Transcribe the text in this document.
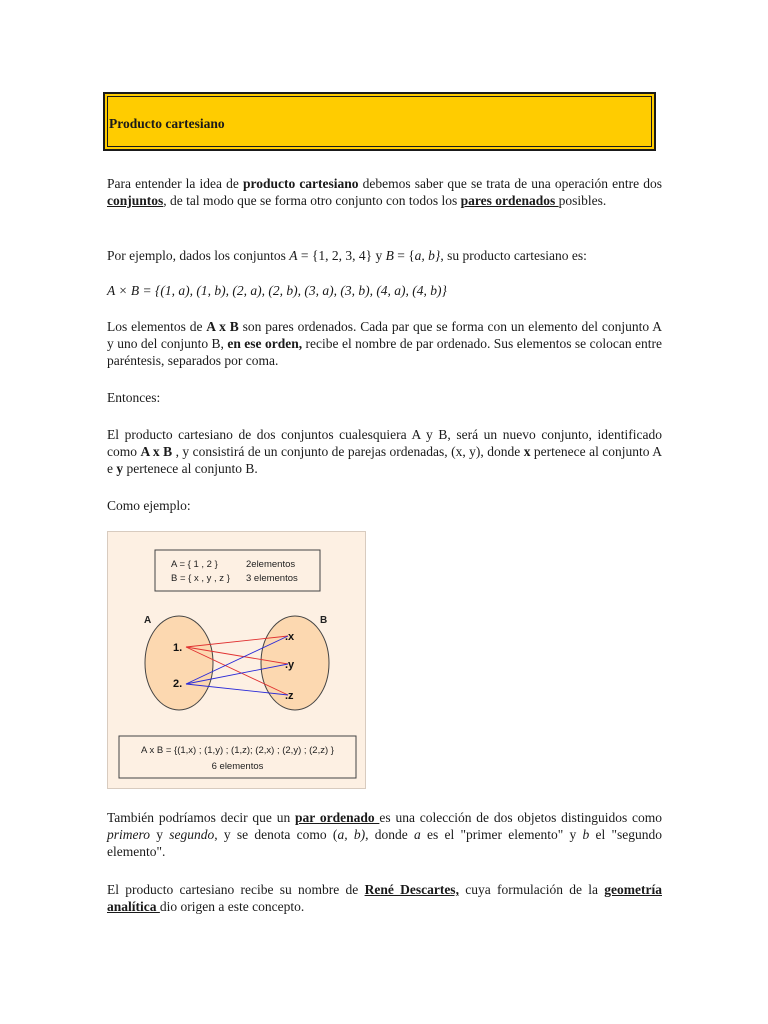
Producto cartesiano
Para entender la idea de producto cartesiano debemos saber que se trata de una operación entre dos conjuntos, de tal modo que se forma otro conjunto con todos los pares ordenados posibles.
Por ejemplo, dados los conjuntos A = {1, 2, 3, 4} y B = {a, b}, su producto cartesiano es:
A × B = {(1, a), (1, b), (2, a), (2, b), (3, a), (3, b), (4, a), (4, b)}
Los elementos de A x B son pares ordenados. Cada par que se forma con un elemento del conjunto A y uno del conjunto B, en ese orden, recibe el nombre de par ordenado. Sus elementos se colocan entre paréntesis, separados por coma.
Entonces:
El producto cartesiano de dos conjuntos cualesquiera A y B, será un nuevo conjunto, identificado como A x B , y consistirá de un conjunto de parejas ordenadas, (x, y), donde x pertenece al conjunto A e y pertenece al conjunto B.
Como ejemplo:
A = { 1 , 2 }	2elementos
B = { x , y , z } 3 elementos
A	B
1.
2.
.x
.y
.z
A x B = {(1,x) ; (1,y) ; (1,z); (2,x) ; (2,y) ; (2,z) }
6 elementos
También podríamos decir que un par ordenado es una colección de dos objetos distinguidos como primero y segundo, y se denota como (a, b), donde a es el "primer elemento" y b el "segundo elemento".
El producto cartesiano recibe su nombre de René Descartes, cuya formulación de la geometría analítica dio origen a este concepto.
